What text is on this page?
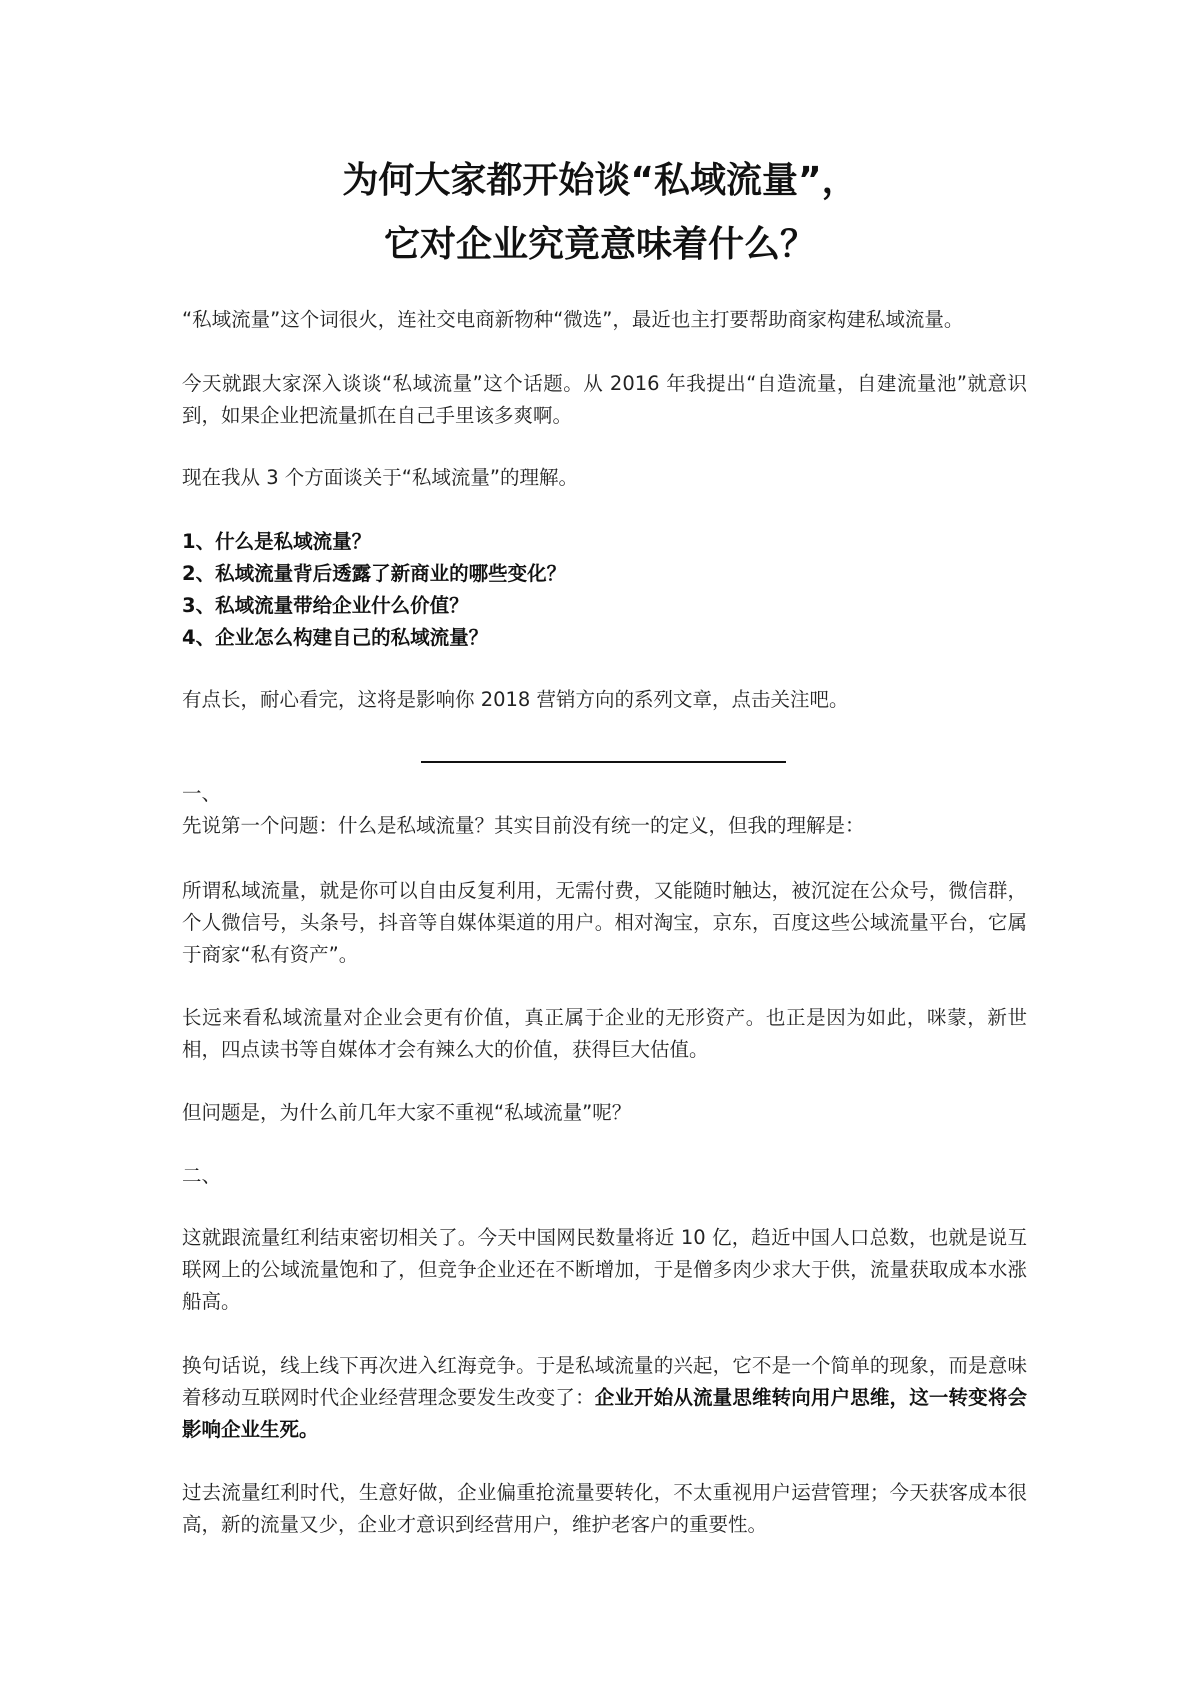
为何大家都开始谈“私域流量”，
它对企业究竟意味着什么？
“私域流量”这个词很火，连社交电商新物种“微选”，最近也主打要帮助商家构建私域流量。
今天就跟大家深入谈谈“私域流量”这个话题。从 2016 年我提出“自造流量，自建流量池”就意识到，如果企业把流量抓在自己手里该多爽啊。
现在我从 3 个方面谈关于“私域流量”的理解。
1、什么是私域流量？
2、私域流量背后透露了新商业的哪些变化？
3、私域流量带给企业什么价值？
4、企业怎么构建自己的私域流量？
有点长，耐心看完，这将是影响你 2018 营销方向的系列文章，点击关注吧。
一、
先说第一个问题：什么是私域流量？其实目前没有统一的定义，但我的理解是：
所谓私域流量，就是你可以自由反复利用，无需付费，又能随时触达，被沉淀在公众号，微信群，个人微信号，头条号，抖音等自媒体渠道的用户。相对淘宝，京东，百度这些公域流量平台，它属于商家“私有资产”。
长远来看私域流量对企业会更有价值，真正属于企业的无形资产。也正是因为如此，咪蒙，新世相，四点读书等自媒体才会有辣么大的价值，获得巨大估值。
但问题是，为什么前几年大家不重视“私域流量”呢？
二、
这就跟流量红利结束密切相关了。今天中国网民数量将近 10 亿，趋近中国人口总数，也就是说互联网上的公域流量饱和了，但竞争企业还在不断增加，于是僧多肉少求大于供，流量获取成本水涨船高。
换句话说，线上线下再次进入红海竞争。于是私域流量的兴起，它不是一个简单的现象，而是意味着移动互联网时代企业经营理念要发生改变了：企业开始从流量思维转向用户思维，这一转变将会影响企业生死。
过去流量红利时代，生意好做，企业偏重抢流量要转化，不太重视用户运营管理；今天获客成本很高，新的流量又少，企业才意识到经营用户，维护老客户的重要性。
